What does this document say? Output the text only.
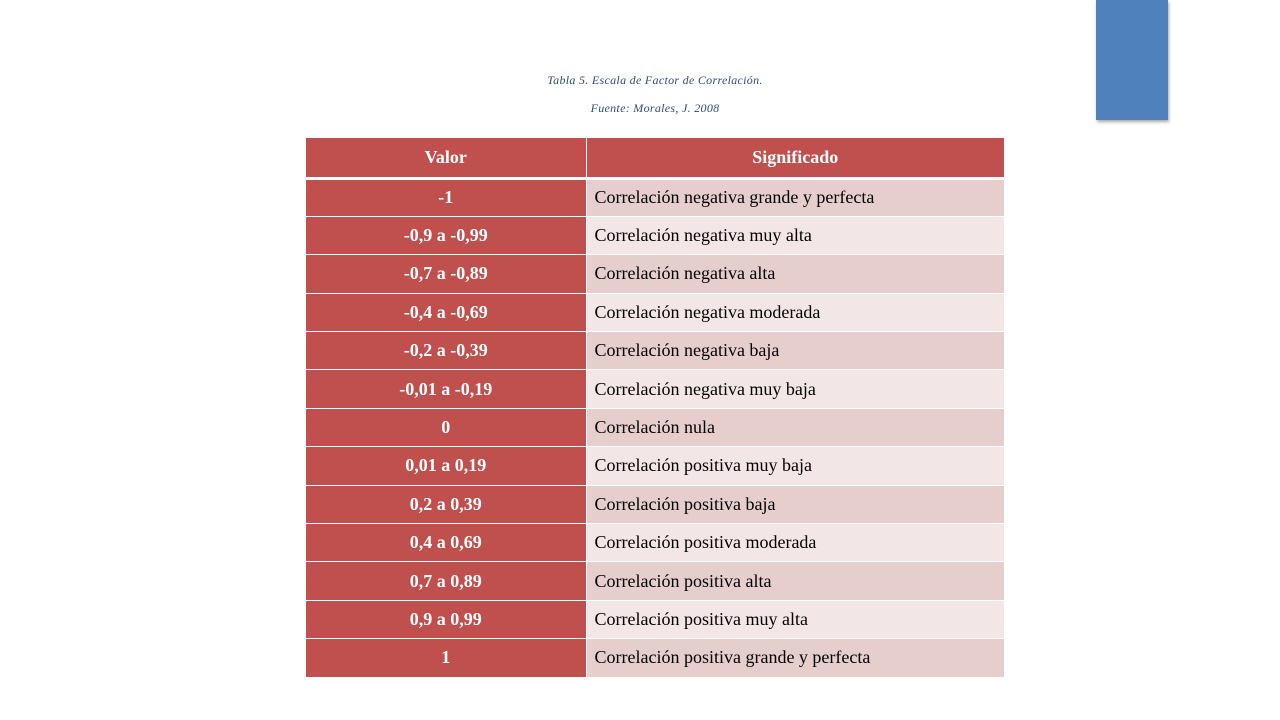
Tabla 5. Escala de Factor de Correlación.
Fuente: Morales, J. 2008
Valor	Significado
-1	Correlación negativa grande y perfecta
-0,9 a -0,99	Correlación negativa muy alta
-0,7 a -0,89	Correlación negativa alta
-0,4 a -0,69	Correlación negativa moderada
-0,2 a -0,39	Correlación negativa baja
-0,01 a -0,19	Correlación negativa muy baja
0	Correlación nula
0,01 a 0,19	Correlación positiva muy baja
0,2 a 0,39	Correlación positiva baja
0,4 a 0,69	Correlación positiva moderada
0,7 a 0,89	Correlación positiva alta
0,9 a 0,99	Correlación positiva muy alta
1	Correlación positiva grande y perfecta
